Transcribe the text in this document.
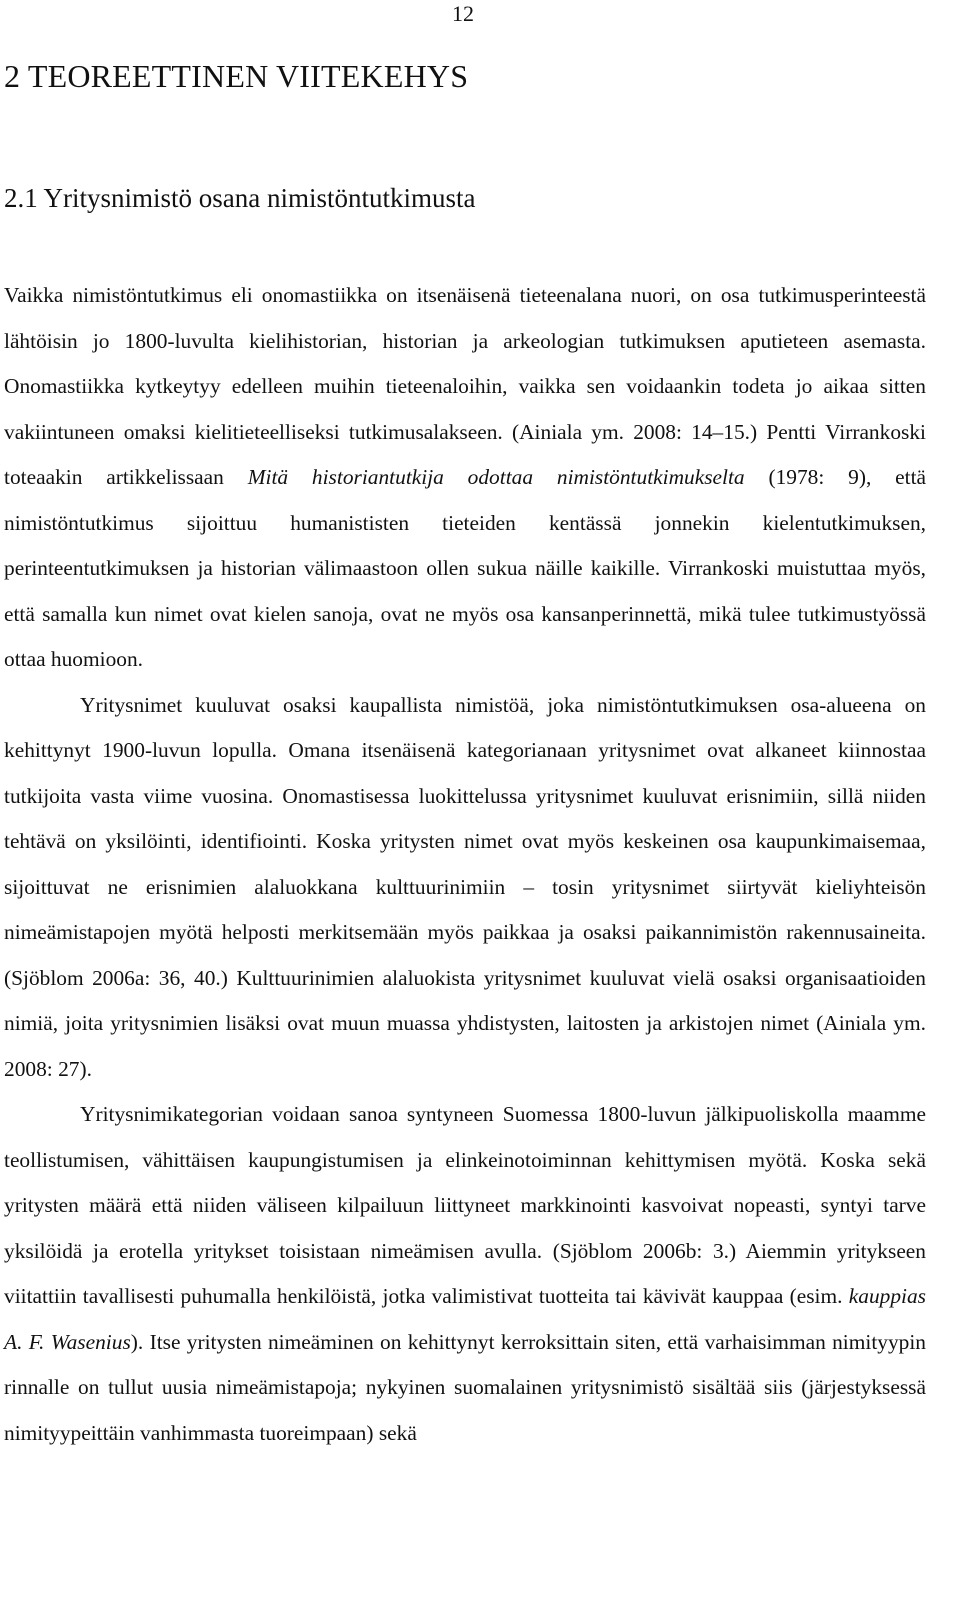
12
2 TEOREETTINEN VIITEKEHYS
2.1 Yritysnimistö osana nimistöntutkimusta

Vaikka nimistöntutkimus eli onomastiikka on itsenäisenä tieteenalana nuori, on osa tutkimusperinteestä lähtöisin jo 1800-luvulta kielihistorian, historian ja arkeologian tutkimuksen aputieteen asemasta. Onomastiikka kytkeytyy edelleen muihin tieteenaloihin, vaikka sen voidaankin todeta jo aikaa sitten vakiintuneen omaksi kielitieteelliseksi tutkimusalakseen. (Ainiala ym. 2008: 14–15.) Pentti Virrankoski toteaakin artikkelissaan Mitä historiantutkija odottaa nimistöntutkimukselta (1978: 9), että nimistöntutkimus sijoittuu humanististen tieteiden kentässä jonnekin kielentutkimuksen, perinteentutkimuksen ja historian välimaastoon ollen sukua näille kaikille. Virrankoski muistuttaa myös, että samalla kun nimet ovat kielen sanoja, ovat ne myös osa kansanperinnettä, mikä tulee tutkimustyössä ottaa huomioon.

Yritysnimet kuuluvat osaksi kaupallista nimistöä, joka nimistöntutkimuksen osa-alueena on kehittynyt 1900-luvun lopulla. Omana itsenäisenä kategorianaan yritysnimet ovat alkaneet kiinnostaa tutkijoita vasta viime vuosina. Onomastisessa luokittelussa yritysnimet kuuluvat erisnimiin, sillä niiden tehtävä on yksilöinti, identifiointi. Koska yritysten nimet ovat myös keskeinen osa kaupunkimaisemaa, sijoittuvat ne erisnimien alaluokkana kulttuurinimiin – tosin yritysnimet siirtyvät kieliyhteisön nimeämistapojen myötä helposti merkitsemään myös paikkaa ja osaksi paikannimistön rakennusaineita. (Sjöblom 2006a: 36, 40.) Kulttuurinimien alaluokista yritysnimet kuuluvat vielä osaksi organisaatioiden nimiä, joita yritysnimien lisäksi ovat muun muassa yhdistysten, laitosten ja arkistojen nimet (Ainiala ym. 2008: 27).

Yritysnimikategorian voidaan sanoa syntyneen Suomessa 1800-luvun jälkipuoliskolla maamme teollistumisen, vähittäisen kaupungistumisen ja elinkeinotoiminnan kehittymisen myötä. Koska sekä yritysten määrä että niiden väliseen kilpailuun liittyneet markkinointi kasvoivat nopeasti, syntyi tarve yksilöidä ja erotella yritykset toisistaan nimeämisen avulla. (Sjöblom 2006b: 3.) Aiemmin yritykseen viitattiin tavallisesti puhumalla henkilöistä, jotka valimistivat tuotteita tai kävivät kauppaa (esim. kauppias A. F. Wasenius). Itse yritysten nimeäminen on kehittynyt kerroksittain siten, että varhaisimman nimityypin rinnalle on tullut uusia nimeämistapoja; nykyinen suomalainen yritysnimistö sisältää siis (järjestyksessä nimityypeittäin vanhimmasta tuoreimpaan) sekä
